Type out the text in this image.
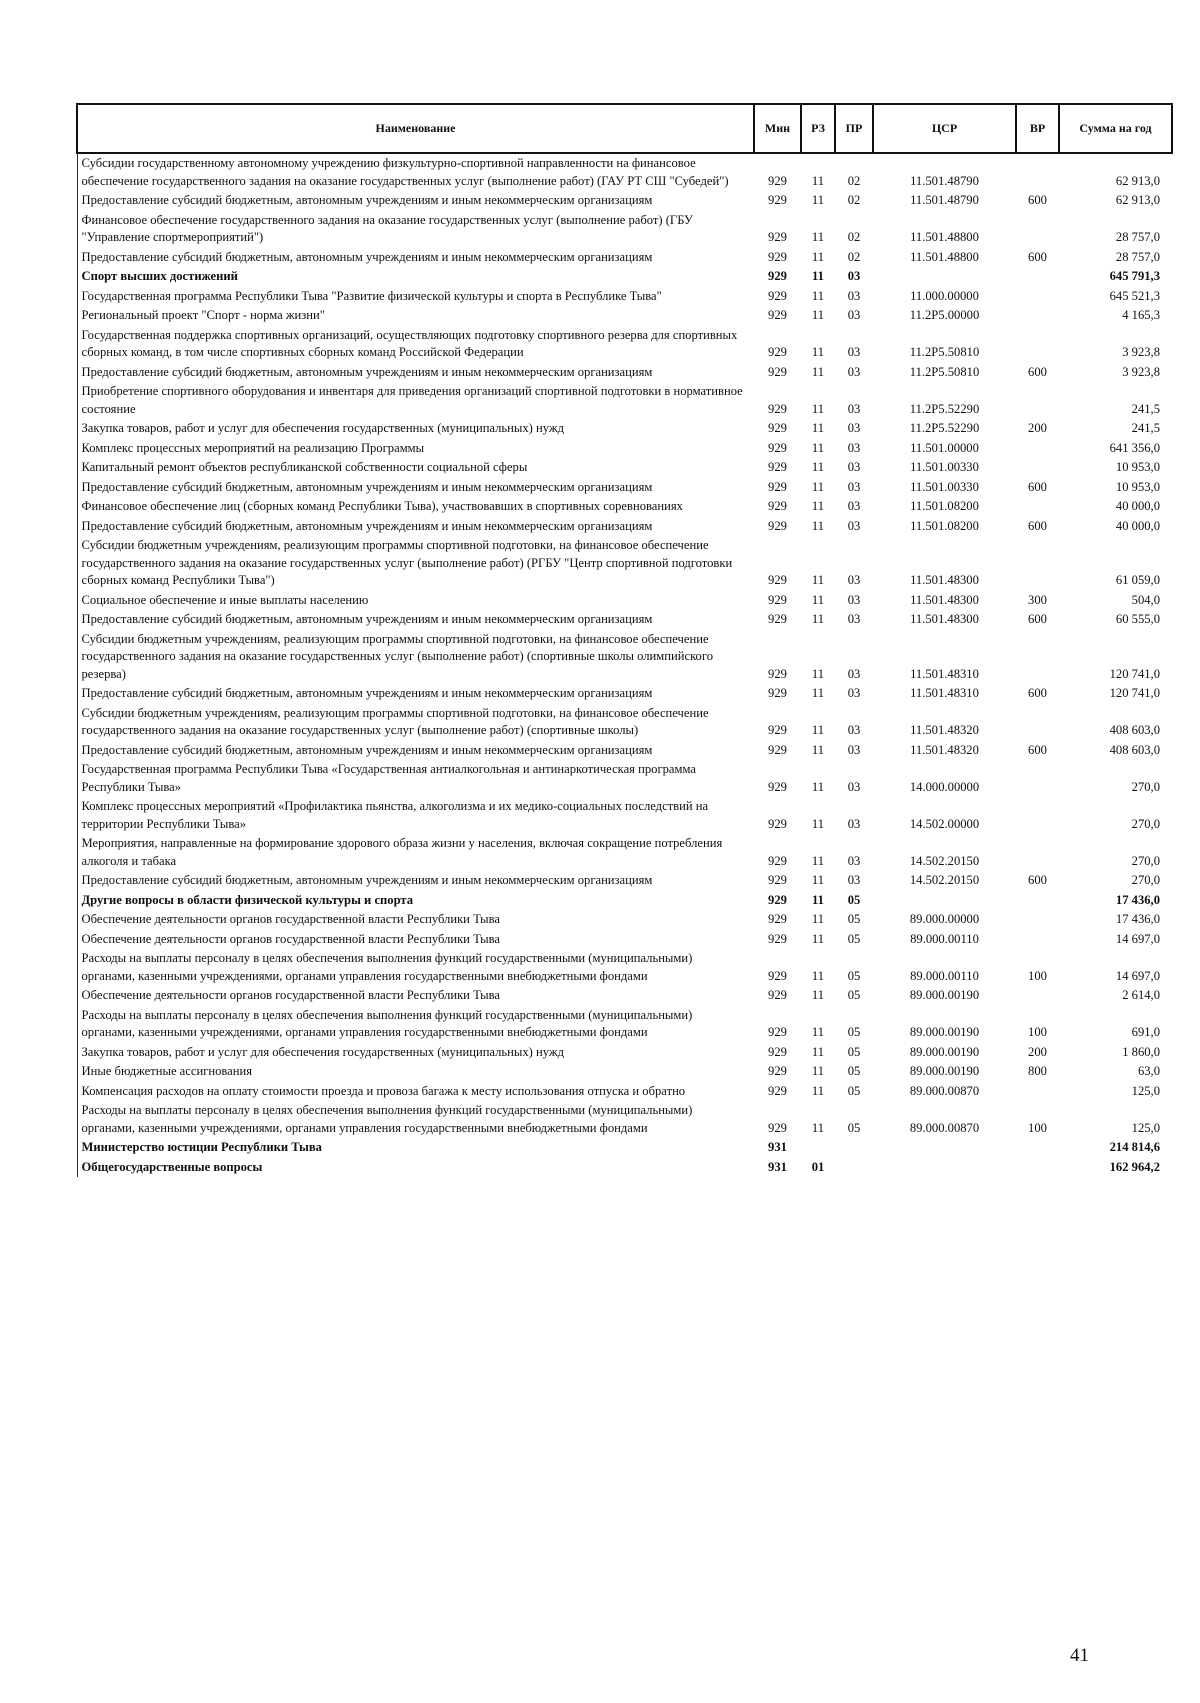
Наименование	Мин	РЗ	ПР	ЦСР	ВР	Сумма на год
Субсидии государственному автономному учреждению физкультурно-спортивной направленности на финансовое обеспечение государственного задания на оказание государственных услуг (выполнение работ) (ГАУ РТ СШ "Субедей")	929	11	02	11.501.48790		62 913,0
Предоставление субсидий бюджетным, автономным учреждениям и иным некоммерческим организациям	929	11	02	11.501.48790	600	62 913,0
Финансовое обеспечение государственного задания на оказание государственных услуг (выполнение работ) (ГБУ "Управление спортмероприятий")	929	11	02	11.501.48800		28 757,0
Предоставление субсидий бюджетным, автономным учреждениям и иным некоммерческим организациям	929	11	02	11.501.48800	600	28 757,0
Спорт высших достижений	929	11	03			645 791,3
Государственная программа Республики Тыва "Развитие физической культуры и спорта в Республике Тыва"	929	11	03	11.000.00000		645 521,3
Региональный проект "Спорт - норма жизни"	929	11	03	11.2P5.00000		4 165,3
Государственная поддержка спортивных организаций, осуществляющих подготовку спортивного резерва для спортивных сборных команд, в том числе спортивных сборных команд Российской Федерации	929	11	03	11.2P5.50810		3 923,8
Предоставление субсидий бюджетным, автономным учреждениям и иным некоммерческим организациям	929	11	03	11.2P5.50810	600	3 923,8
Приобретение спортивного оборудования и инвентаря для приведения организаций спортивной подготовки в нормативное состояние	929	11	03	11.2P5.52290		241,5
Закупка товаров, работ и услуг для обеспечения государственных (муниципальных) нужд	929	11	03	11.2P5.52290	200	241,5
Комплекс процессных мероприятий на реализацию Программы	929	11	03	11.501.00000		641 356,0
Капитальный ремонт объектов республиканской собственности социальной сферы	929	11	03	11.501.00330		10 953,0
Предоставление субсидий бюджетным, автономным учреждениям и иным некоммерческим организациям	929	11	03	11.501.00330	600	10 953,0
Финансовое обеспечение лиц (сборных команд Республики Тыва), участвовавших в спортивных соревнованиях	929	11	03	11.501.08200		40 000,0
Предоставление субсидий бюджетным, автономным учреждениям и иным некоммерческим организациям	929	11	03	11.501.08200	600	40 000,0
Субсидии бюджетным учреждениям, реализующим программы спортивной подготовки, на финансовое обеспечение государственного задания на оказание государственных услуг (выполнение работ) (РГБУ "Центр спортивной подготовки сборных команд Республики Тыва")	929	11	03	11.501.48300		61 059,0
Социальное обеспечение и иные выплаты населению	929	11	03	11.501.48300	300	504,0
Предоставление субсидий бюджетным, автономным учреждениям и иным некоммерческим организациям	929	11	03	11.501.48300	600	60 555,0
Субсидии бюджетным учреждениям, реализующим программы спортивной подготовки, на финансовое обеспечение государственного задания на оказание государственных услуг (выполнение работ) (спортивные школы олимпийского резерва)	929	11	03	11.501.48310		120 741,0
Предоставление субсидий бюджетным, автономным учреждениям и иным некоммерческим организациям	929	11	03	11.501.48310	600	120 741,0
Субсидии бюджетным учреждениям, реализующим программы спортивной подготовки, на финансовое обеспечение государственного задания на оказание государственных услуг (выполнение работ) (спортивные школы)	929	11	03	11.501.48320		408 603,0
Предоставление субсидий бюджетным, автономным учреждениям и иным некоммерческим организациям	929	11	03	11.501.48320	600	408 603,0
Государственная программа Республики Тыва «Государственная антиалкогольная и антинаркотическая программа Республики Тыва»	929	11	03	14.000.00000		270,0
Комплекс процессных мероприятий «Профилактика пьянства, алкоголизма и их медико-социальных последствий на территории Республики Тыва»	929	11	03	14.502.00000		270,0
Мероприятия, направленные на формирование здорового образа жизни у населения, включая сокращение потребления алкоголя и табака	929	11	03	14.502.20150		270,0
Предоставление субсидий бюджетным, автономным учреждениям и иным некоммерческим организациям	929	11	03	14.502.20150	600	270,0
Другие вопросы в области физической культуры и спорта	929	11	05			17 436,0
Обеспечение деятельности органов государственной власти Республики Тыва	929	11	05	89.000.00000		17 436,0
Обеспечение деятельности органов государственной власти Республики Тыва	929	11	05	89.000.00110		14 697,0
Расходы на выплаты персоналу в целях обеспечения выполнения функций государственными (муниципальными) органами, казенными учреждениями, органами управления государственными внебюджетными фондами	929	11	05	89.000.00110	100	14 697,0
Обеспечение деятельности органов государственной власти Республики Тыва	929	11	05	89.000.00190		2 614,0
Расходы на выплаты персоналу в целях обеспечения выполнения функций государственными (муниципальными) органами, казенными учреждениями, органами управления государственными внебюджетными фондами	929	11	05	89.000.00190	100	691,0
Закупка товаров, работ и услуг для обеспечения государственных (муниципальных) нужд	929	11	05	89.000.00190	200	1 860,0
Иные бюджетные ассигнования	929	11	05	89.000.00190	800	63,0
Компенсация расходов на оплату стоимости проезда и провоза багажа к месту использования отпуска и обратно	929	11	05	89.000.00870		125,0
Расходы на выплаты персоналу в целях обеспечения выполнения функций государственными (муниципальными) органами, казенными учреждениями, органами управления государственными внебюджетными фондами	929	11	05	89.000.00870	100	125,0
Министерство юстиции Республики Тыва	931					214 814,6
Общегосударственные вопросы	931	01				162 964,2
41
